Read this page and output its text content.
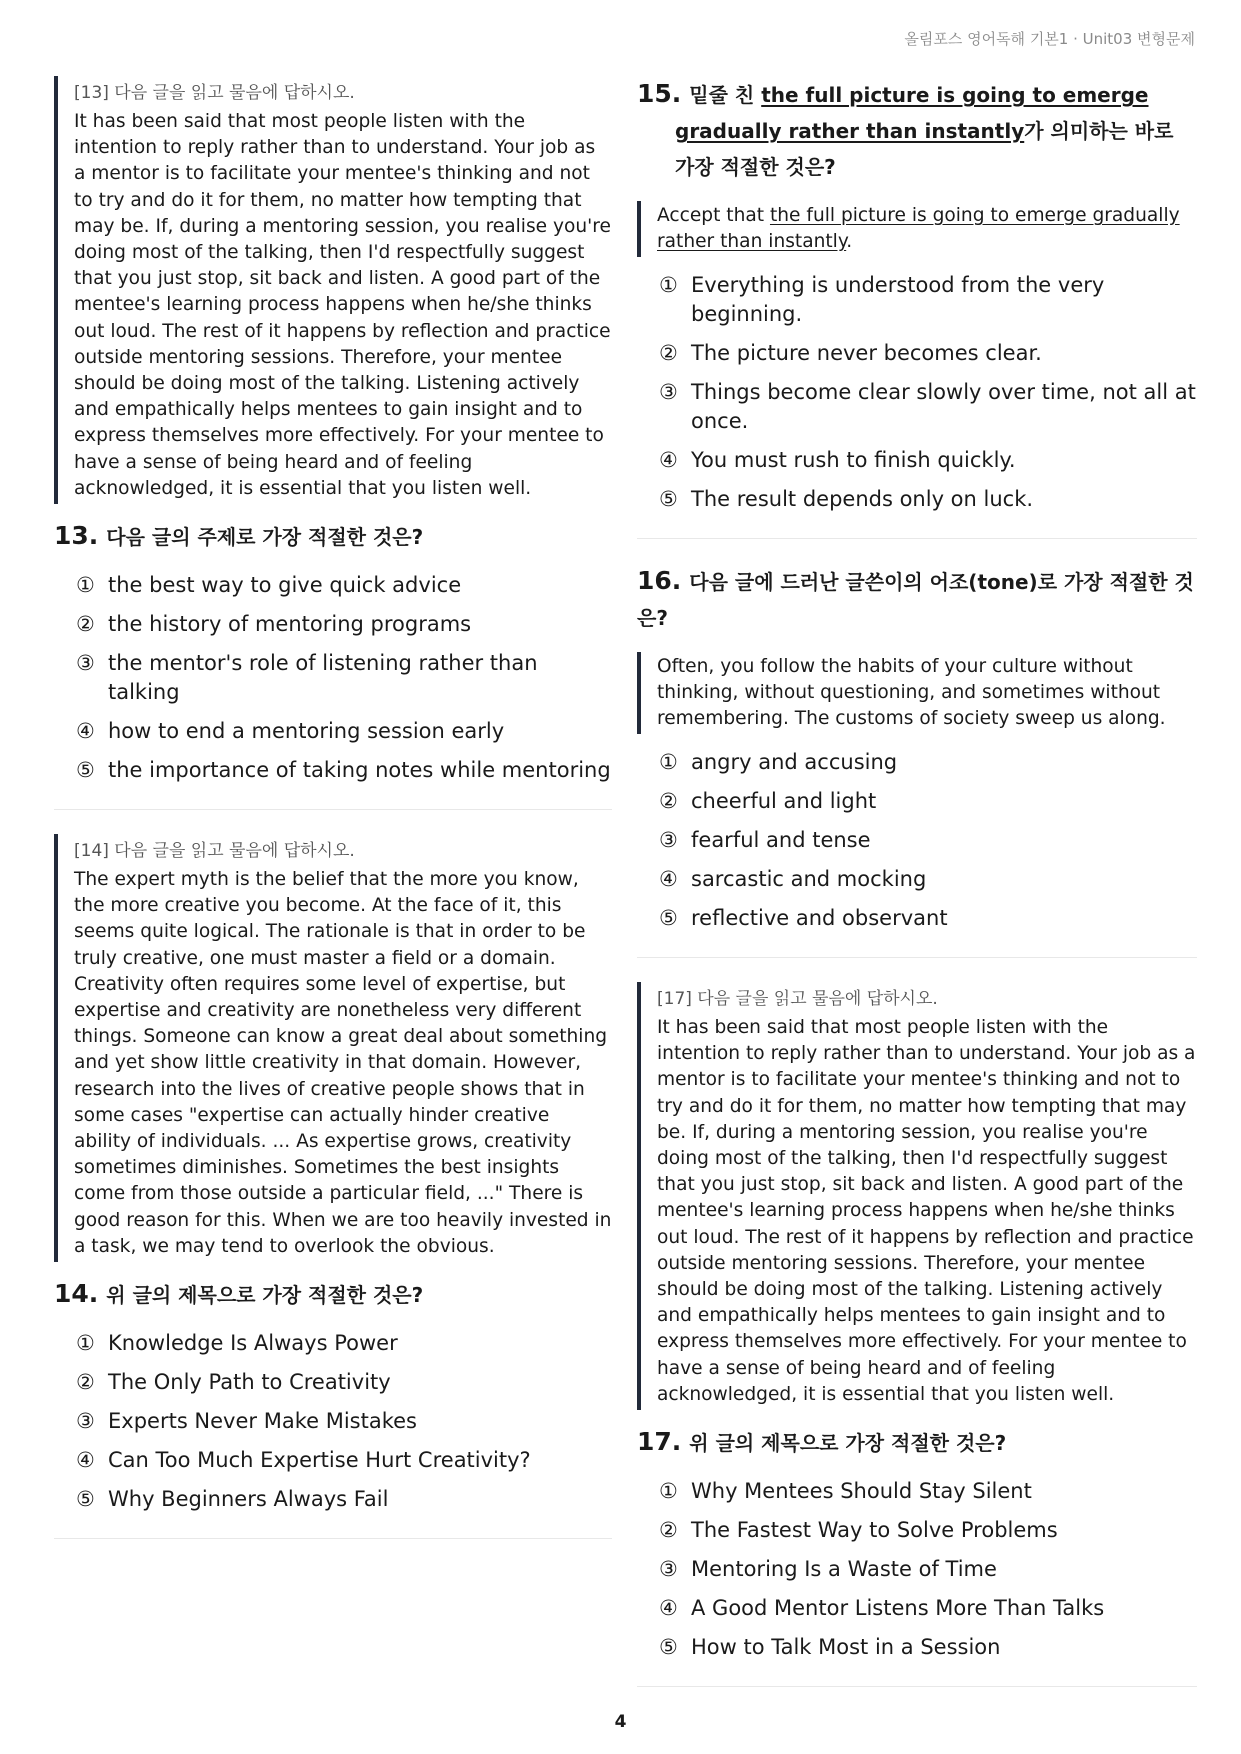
올림포스 영어독해 기본1 · Unit03 변형문제
[13] 다음 글을 읽고 물음에 답하시오.

It has been said that most people listen with the intention to reply rather than to understand. Your job as a mentor is to facilitate your mentee's thinking and not to try and do it for them, no matter how tempting that may be. If, during a mentoring session, you realise you're doing most of the talking, then I'd respectfully suggest that you just stop, sit back and listen. A good part of the mentee's learning process happens when he/she thinks out loud. The rest of it happens by reflection and practice outside mentoring sessions. Therefore, your mentee should be doing most of the talking. Listening actively and empathically helps mentees to gain insight and to express themselves more effectively. For your mentee to have a sense of being heard and of feeling acknowledged, it is essential that you listen well.

13. 다음 글의 주제로 가장 적절한 것은?
① the best way to give quick advice
② the history of mentoring programs
③ the mentor's role of listening rather than talking
④ how to end a mentoring session early
⑤ the importance of taking notes while mentoring
[14] 다음 글을 읽고 물음에 답하시오.

The expert myth is the belief that the more you know, the more creative you become. At the face of it, this seems quite logical. The rationale is that in order to be truly creative, one must master a field or a domain. Creativity often requires some level of expertise, but expertise and creativity are nonetheless very different things. Someone can know a great deal about something and yet show little creativity in that domain. However, research into the lives of creative people shows that in some cases "expertise can actually hinder creative ability of individuals. ... As expertise grows, creativity sometimes diminishes. Sometimes the best insights come from those outside a particular field, ..." There is good reason for this. When we are too heavily invested in a task, we may tend to overlook the obvious.

14. 위 글의 제목으로 가장 적절한 것은?
① Knowledge Is Always Power
② The Only Path to Creativity
③ Experts Never Make Mistakes
④ Can Too Much Expertise Hurt Creativity?
⑤ Why Beginners Always Fail
15. 밑줄 친 the full picture is going to emerge gradually rather than instantly가 의미하는 바로 가장 적절한 것은?

Accept that the full picture is going to emerge gradually rather than instantly.

① Everything is understood from the very beginning.
② The picture never becomes clear.
③ Things become clear slowly over time, not all at once.
④ You must rush to finish quickly.
⑤ The result depends only on luck.
16. 다음 글에 드러난 글쓴이의 어조(tone)로 가장 적절한 것은?

Often, you follow the habits of your culture without thinking, without questioning, and sometimes without remembering. The customs of society sweep us along.

① angry and accusing
② cheerful and light
③ fearful and tense
④ sarcastic and mocking
⑤ reflective and observant
[17] 다음 글을 읽고 물음에 답하시오.

It has been said that most people listen with the intention to reply rather than to understand. Your job as a mentor is to facilitate your mentee's thinking and not to try and do it for them, no matter how tempting that may be. If, during a mentoring session, you realise you're doing most of the talking, then I'd respectfully suggest that you just stop, sit back and listen. A good part of the mentee's learning process happens when he/she thinks out loud. The rest of it happens by reflection and practice outside mentoring sessions. Therefore, your mentee should be doing most of the talking. Listening actively and empathically helps mentees to gain insight and to express themselves more effectively. For your mentee to have a sense of being heard and of feeling acknowledged, it is essential that you listen well.

17. 위 글의 제목으로 가장 적절한 것은?
① Why Mentees Should Stay Silent
② The Fastest Way to Solve Problems
③ Mentoring Is a Waste of Time
④ A Good Mentor Listens More Than Talks
⑤ How to Talk Most in a Session
4
